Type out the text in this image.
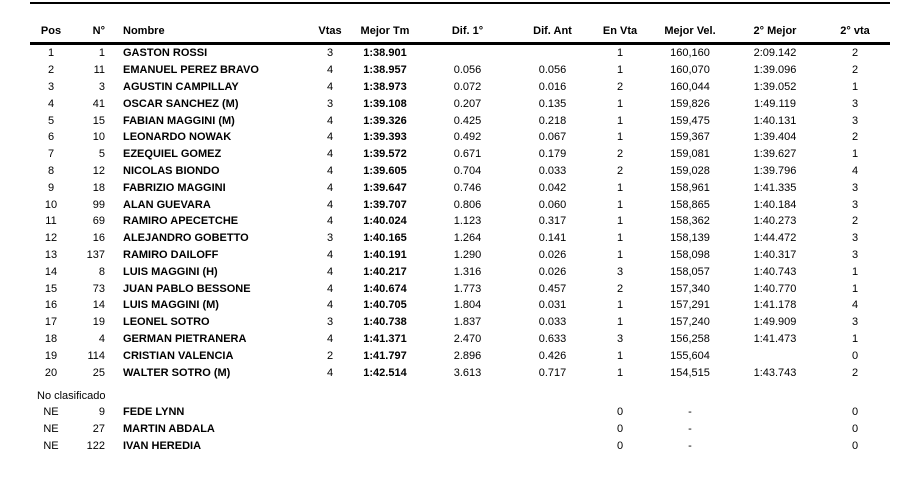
Pos	N°	Nombre	Vtas	Mejor Tm	Dif. 1°	Dif. Ant	En Vta	Mejor Vel.	2° Mejor	2° vta
1	1	GASTON ROSSI	3	1:38.901			1	160,160	2:09.142	2
2	11	EMANUEL PEREZ BRAVO	4	1:38.957	0.056	0.056	1	160,070	1:39.096	2
3	3	AGUSTIN CAMPILLAY	4	1:38.973	0.072	0.016	2	160,044	1:39.052	1
4	41	OSCAR SANCHEZ (M)	3	1:39.108	0.207	0.135	1	159,826	1:49.119	3
5	15	FABIAN MAGGINI (M)	4	1:39.326	0.425	0.218	1	159,475	1:40.131	3
6	10	LEONARDO NOWAK	4	1:39.393	0.492	0.067	1	159,367	1:39.404	2
7	5	EZEQUIEL GOMEZ	4	1:39.572	0.671	0.179	2	159,081	1:39.627	1
8	12	NICOLAS BIONDO	4	1:39.605	0.704	0.033	2	159,028	1:39.796	4
9	18	FABRIZIO MAGGINI	4	1:39.647	0.746	0.042	1	158,961	1:41.335	3
10	99	ALAN GUEVARA	4	1:39.707	0.806	0.060	1	158,865	1:40.184	3
11	69	RAMIRO APECETCHE	4	1:40.024	1.123	0.317	1	158,362	1:40.273	2
12	16	ALEJANDRO GOBETTO	3	1:40.165	1.264	0.141	1	158,139	1:44.472	3
13	137	RAMIRO DAILOFF	4	1:40.191	1.290	0.026	1	158,098	1:40.317	3
14	8	LUIS MAGGINI (H)	4	1:40.217	1.316	0.026	3	158,057	1:40.743	1
15	73	JUAN PABLO BESSONE	4	1:40.674	1.773	0.457	2	157,340	1:40.770	1
16	14	LUIS MAGGINI (M)	4	1:40.705	1.804	0.031	1	157,291	1:41.178	4
17	19	LEONEL SOTRO	3	1:40.738	1.837	0.033	1	157,240	1:49.909	3
18	4	GERMAN PIETRANERA	4	1:41.371	2.470	0.633	3	156,258	1:41.473	1
19	114	CRISTIAN VALENCIA	2	1:41.797	2.896	0.426	1	155,604		0
20	25	WALTER SOTRO (M)	4	1:42.514	3.613	0.717	1	154,515	1:43.743	2
No clasificado
NE	9	FEDE LYNN					0	-		0
NE	27	MARTIN ABDALA					0	-		0
NE	122	IVAN HEREDIA					0	-		0
